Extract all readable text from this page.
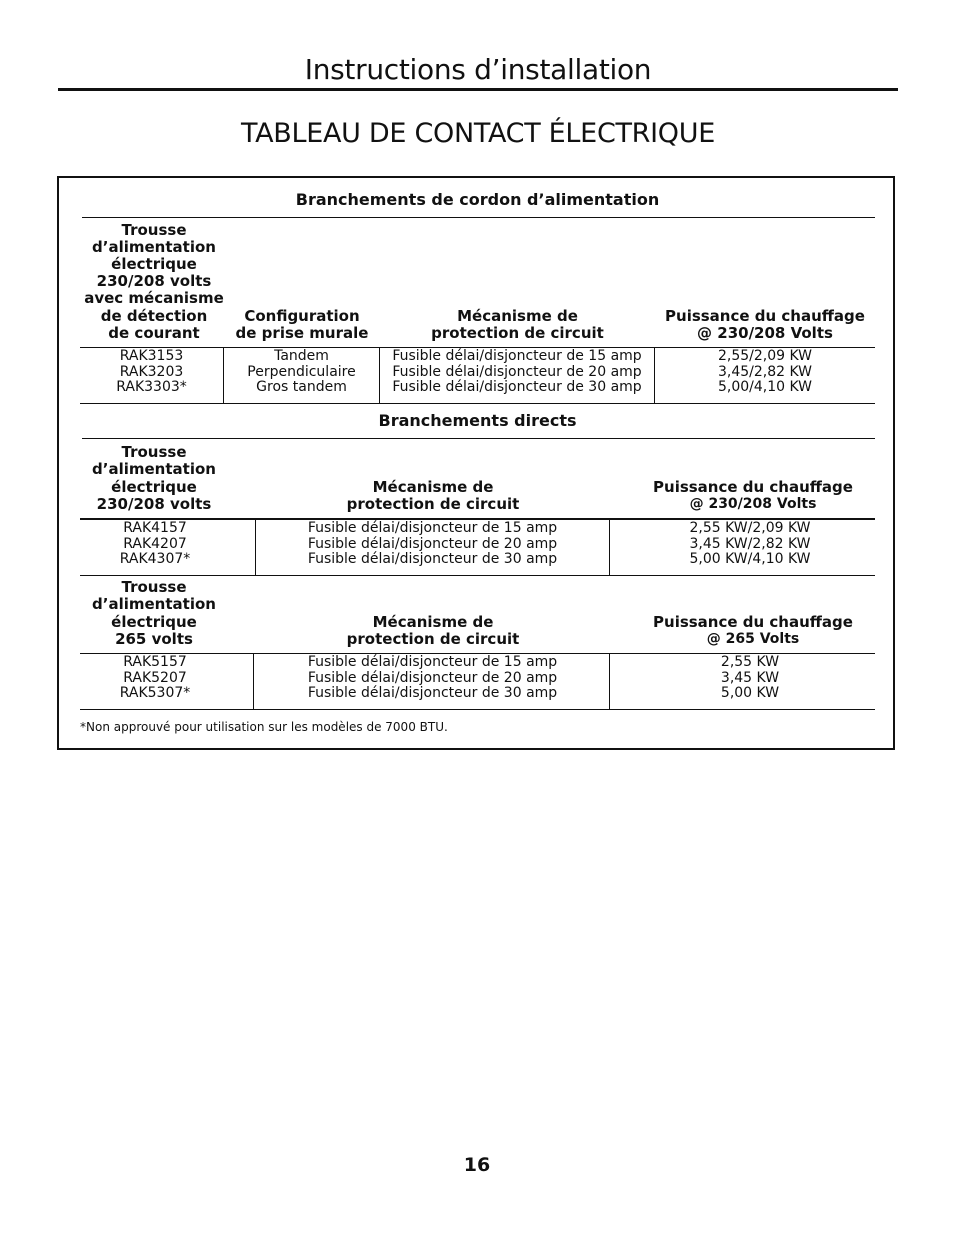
Instructions d’installation
TABLEAU DE CONTACT ÉLECTRIQUE
Branchements de cordon d’alimentation
Trousse
d’alimentation
électrique
230/208 volts
avec mécanisme
de détection
de courant
Configuration
de prise murale
Mécanisme de
protection de circuit
Puissance du chauffage
@ 230/208 Volts
RAK3153
RAK3203
RAK3303*
Tandem
Perpendiculaire
Gros tandem
Fusible délai/disjoncteur de 15 amp
Fusible délai/disjoncteur de 20 amp
Fusible délai/disjoncteur de 30 amp
2,55/2,09 KW
3,45/2,82 KW
5,00/4,10 KW
Branchements directs
Trousse
d’alimentation
électrique
230/208 volts
Mécanisme de
protection de circuit
Puissance du chauffage
@ 230/208 Volts
RAK4157
RAK4207
RAK4307*
Fusible délai/disjoncteur de 15 amp
Fusible délai/disjoncteur de 20 amp
Fusible délai/disjoncteur de 30 amp
2,55 KW/2,09 KW
3,45 KW/2,82 KW
5,00 KW/4,10 KW
Trousse
d’alimentation
électrique
265 volts
Mécanisme de
protection de circuit
Puissance du chauffage
@ 265 Volts
RAK5157
RAK5207
RAK5307*
Fusible délai/disjoncteur de 15 amp
Fusible délai/disjoncteur de 20 amp
Fusible délai/disjoncteur de 30 amp
2,55 KW
3,45 KW
5,00 KW
*Non approuvé pour utilisation sur les modèles de 7000 BTU.
16
